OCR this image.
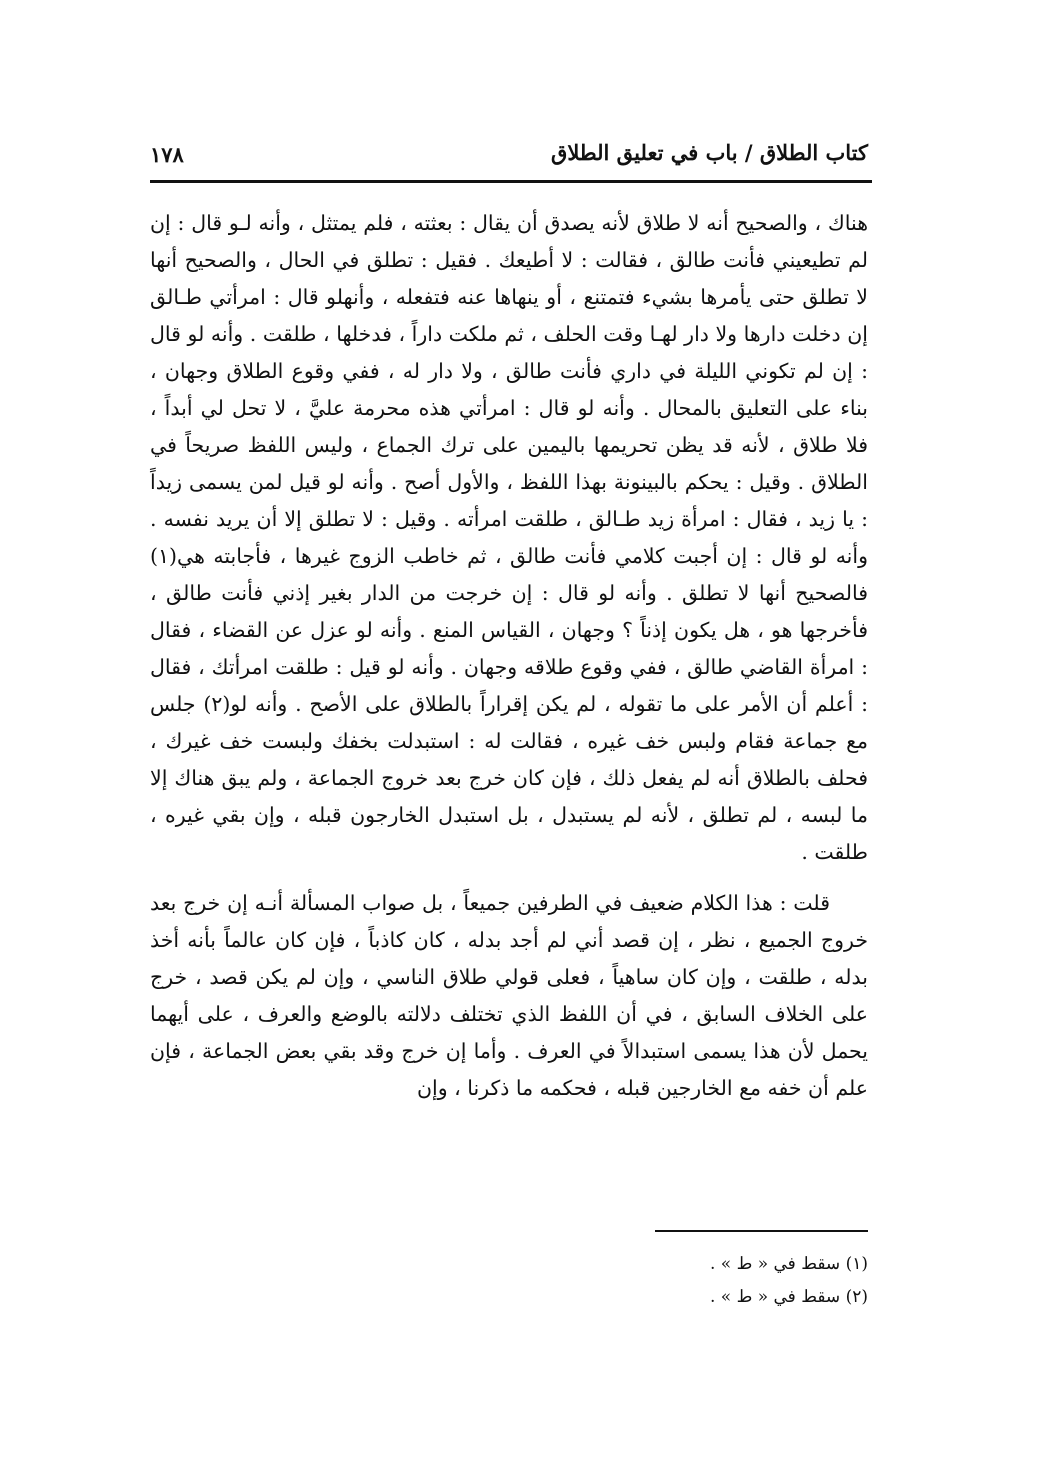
كتاب الطلاق / باب في تعليق الطلاق
١٧٨

هناك ، والصحيح أنه لا طلاق لأنه يصدق أن يقال : بعثته ، فلم يمتثل ، وأنه لـو قال : إن لم تطيعيني فأنت طالق ، فقالت : لا أطيعك . فقيل : تطلق في الحال ، والصحيح أنها لا تطلق حتى يأمرها بشيء فتمتنع ، أو ينهاها عنه فتفعله ، وأنهلو قال : امرأتي طـالق إن دخلت دارها ولا دار لهـا وقت الحلف ، ثم ملكت داراً ، فدخلها ، طلقت . وأنه لو قال : إن لم تكوني الليلة في داري فأنت طالق ، ولا دار له ، ففي وقوع الطلاق وجهان ، بناء على التعليق بالمحال . وأنه لو قال : امرأتي هذه محرمة عليَّ ، لا تحل لي أبداً ، فلا طلاق ، لأنه قد يظن تحريمها باليمين على ترك الجماع ، وليس اللفظ صريحاً في الطلاق . وقيل : يحكم بالبينونة بهذا اللفظ ، والأول أصح . وأنه لو قيل لمن يسمى زيداً : يا زيد ، فقال : امرأة زيد طـالق ، طلقت امرأته . وقيل : لا تطلق إلا أن يريد نفسه . وأنه لو قال : إن أجبت كلامي فأنت طالق ، ثم خاطب الزوج غيرها ، فأجابته هي(١) فالصحيح أنها لا تطلق . وأنه لو قال : إن خرجت من الدار بغير إذني فأنت طالق ، فأخرجها هو ، هل يكون إذناً ؟ وجهان ، القياس المنع . وأنه لو عزل عن القضاء ، فقال : امرأة القاضي طالق ، ففي وقوع طلاقه وجهان . وأنه لو قيل : طلقت امرأتك ، فقال : أعلم أن الأمر على ما تقوله ، لم يكن إقراراً بالطلاق على الأصح . وأنه لو(٢) جلس مع جماعة فقام ولبس خف غيره ، فقالت له : استبدلت بخفك ولبست خف غيرك ، فحلف بالطلاق أنه لم يفعل ذلك ، فإن كان خرج بعد خروج الجماعة ، ولم يبق هناك إلا ما لبسه ، لم تطلق ، لأنه لم يستبدل ، بل استبدل الخارجون قبله ، وإن بقي غيره ، طلقت .

قلت : هذا الكلام ضعيف في الطرفين جميعاً ، بل صواب المسألة أنـه إن خرج بعد خروج الجميع ، نظر ، إن قصد أني لم أجد بدله ، كان كاذباً ، فإن كان عالماً بأنه أخذ بدله ، طلقت ، وإن كان ساهياً ، فعلى قولي طلاق الناسي ، وإن لم يكن قصد ، خرج على الخلاف السابق ، في أن اللفظ الذي تختلف دلالته بالوضع والعرف ، على أيهما يحمل لأن هذا يسمى استبدالاً في العرف . وأما إن خرج وقد بقي بعض الجماعة ، فإن علم أن خفه مع الخارجين قبله ، فحكمه ما ذكرنا ، وإن

(١) سقط في « ط » .
(٢) سقط في « ط » .
